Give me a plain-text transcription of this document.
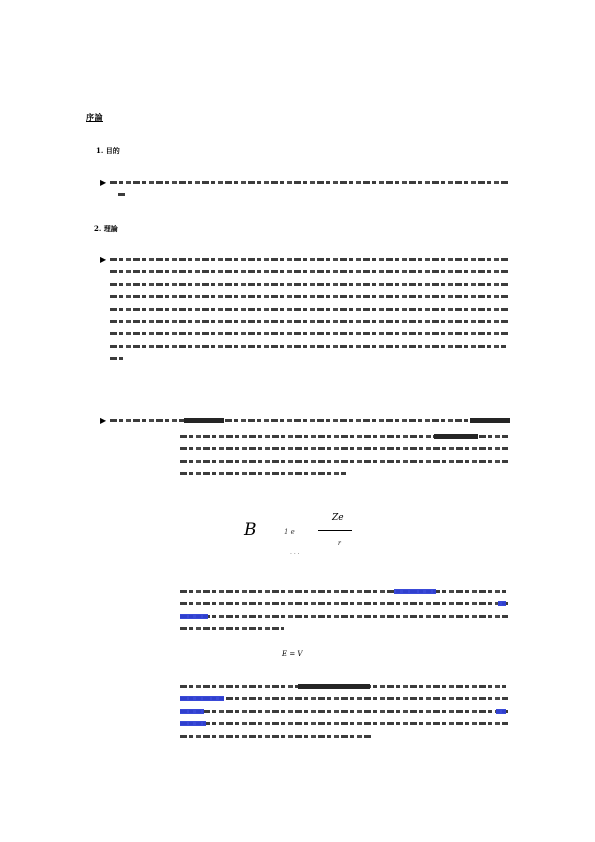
序論
1. 目的
▶
2. 理論
▶
▶
B	1 e
Ze
r
. . .
E = V
